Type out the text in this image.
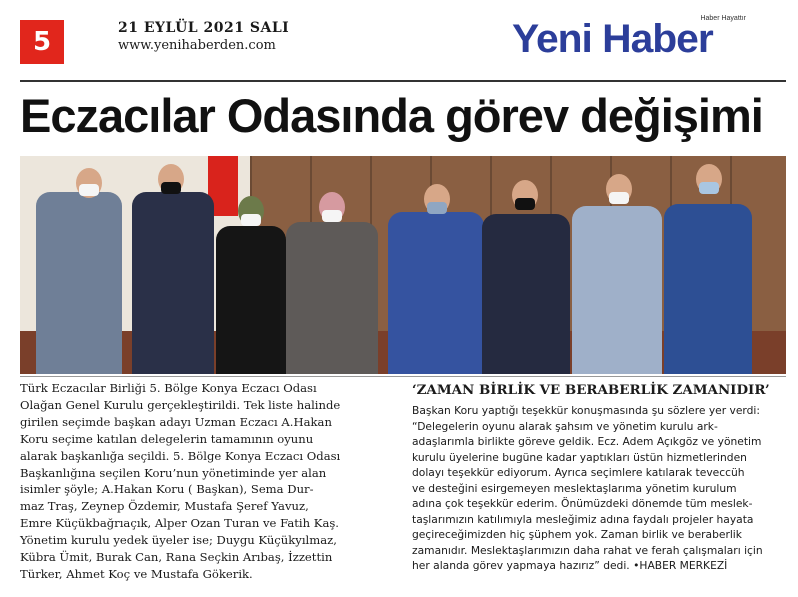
5	21 EYLÜL 2021 SALI
www.yenihaberden.com	Yeni Haber
Haber Hayattır
Eczacılar Odasında görev değişimi
Türk Eczacılar Birliği 5. Bölge Konya Eczacı Odası
Olağan Genel Kurulu gerçekleştirildi. Tek liste halinde
girilen seçimde başkan adayı Uzman Eczacı A.Hakan
Koru seçime katılan delegelerin tamamının oyunu
alarak başkanlığa seçildi. 5. Bölge Konya Eczacı Odası
Başkanlığına seçilen Koru’nun yönetiminde yer alan
isimler şöyle; A.Hakan Koru ( Başkan), Sema Dur-
maz Traş, Zeynep Özdemir, Mustafa Şeref Yavuz,
Emre Küçükbağrıaçık, Alper Ozan Turan ve Fatih Kaş.
Yönetim kurulu yedek üyeler ise; Duygu Küçükyılmaz,
Kübra Ümit, Burak Can, Rana Seçkin Arıbaş, İzzettin
Türker, Ahmet Koç ve Mustafa Gökerik.
‘ZAMAN BİRLİK VE BERABERLİK ZAMANIDIR’
Başkan Koru yaptığı teşekkür konuşmasında şu sözlere yer verdi:
“Delegelerin oyunu alarak şahsım ve yönetim kurulu ark-
adaşlarımla birlikte göreve geldik. Ecz. Adem Açıkgöz ve yönetim
kurulu üyelerine bugüne kadar yaptıkları üstün hizmetlerinden
dolayı teşekkür ediyorum. Ayrıca seçimlere katılarak teveccüh
ve desteğini esirgemeyen meslektaşlarıma yönetim kurulum
adına çok teşekkür ederim. Önümüzdeki dönemde tüm meslek-
taşlarımızın katılımıyla mesleğimiz adına faydalı projeler hayata
geçireceğimizden hiç şüphem yok. Zaman birlik ve beraberlik
zamanıdır. Meslektaşlarımızın daha rahat ve ferah çalışmaları için
her alanda görev yapmaya hazırız” dedi. •HABER MERKEZİ
